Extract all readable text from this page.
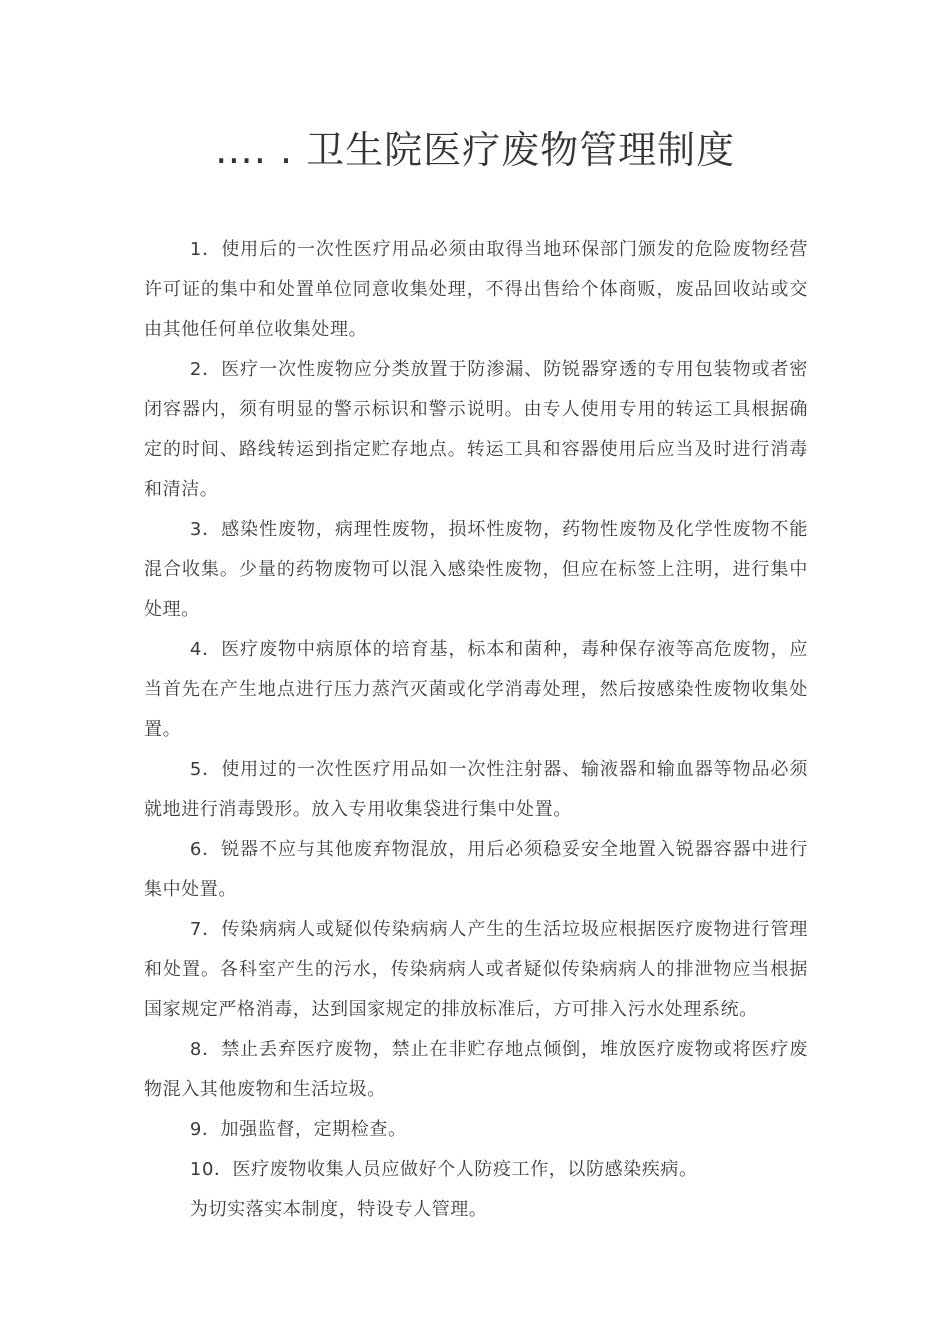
…. . 卫生院医疗废物管理制度

1．使用后的一次性医疗用品必须由取得当地环保部门颁发的危险废物经营许可证的集中和处置单位同意收集处理，不得出售给个体商贩，废品回收站或交由其他任何单位收集处理。

2．医疗一次性废物应分类放置于防渗漏、防锐器穿透的专用包装物或者密闭容器内，须有明显的警示标识和警示说明。由专人使用专用的转运工具根据确定的时间、路线转运到指定贮存地点。转运工具和容器使用后应当及时进行消毒和清洁。

3．感染性废物，病理性废物，损坏性废物，药物性废物及化学性废物不能混合收集。少量的药物废物可以混入感染性废物，但应在标签上注明，进行集中处理。

4．医疗废物中病原体的培育基，标本和菌种，毒种保存液等高危废物，应当首先在产生地点进行压力蒸汽灭菌或化学消毒处理，然后按感染性废物收集处置。

5．使用过的一次性医疗用品如一次性注射器、输液器和输血器等物品必须就地进行消毒毁形。放入专用收集袋进行集中处置。

6．锐器不应与其他废弃物混放，用后必须稳妥安全地置入锐器容器中进行集中处置。

7．传染病病人或疑似传染病病人产生的生活垃圾应根据医疗废物进行管理和处置。各科室产生的污水，传染病病人或者疑似传染病病人的排泄物应当根据国家规定严格消毒，达到国家规定的排放标准后，方可排入污水处理系统。

8．禁止丢弃医疗废物，禁止在非贮存地点倾倒，堆放医疗废物或将医疗废物混入其他废物和生活垃圾。

9．加强监督，定期检查。

10．医疗废物收集人员应做好个人防疫工作，以防感染疾病。

为切实落实本制度，特设专人管理。
